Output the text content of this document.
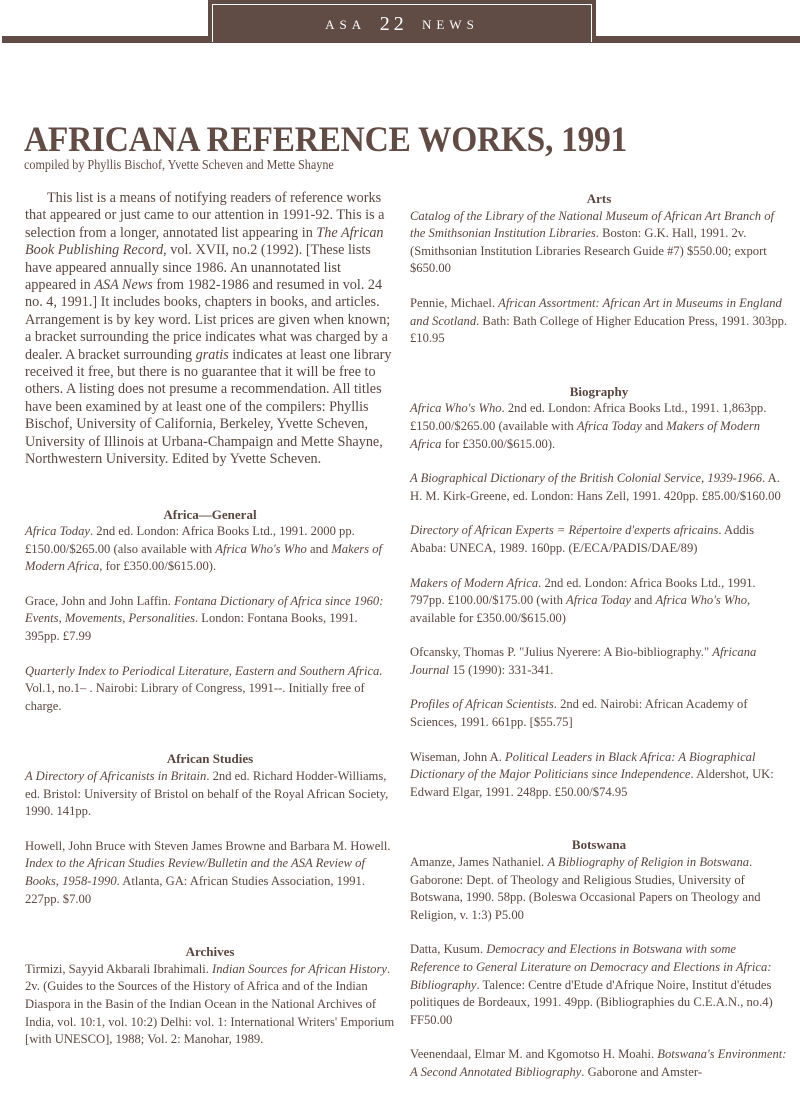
ASA 22 NEWS
AFRICANA REFERENCE WORKS, 1991
compiled by Phyllis Bischof, Yvette Scheven and Mette Shayne

This list is a means of notifying readers of reference works that appeared or just came to our attention in 1991-92. This is a selection from a longer, annotated list appearing in The African Book Publishing Record, vol. XVII, no.2 (1992). [These lists have appeared annually since 1986. An unannotated list appeared in ASA News from 1982-1986 and resumed in vol. 24 no. 4, 1991.] It includes books, chapters in books, and articles. Arrangement is by key word. List prices are given when known; a bracket surrounding the price indicates what was charged by a dealer. A bracket surrounding gratis indicates at least one library received it free, but there is no guarantee that it will be free to others. A listing does not presume a recommendation. All titles have been examined by at least one of the compilers: Phyllis Bischof, University of California, Berkeley, Yvette Scheven, University of Illinois at Urbana-Champaign and Mette Shayne, Northwestern University. Edited by Yvette Scheven.

Africa—General

Africa Today. 2nd ed. London: Africa Books Ltd., 1991. 2000 pp. £150.00/$265.00 (also available with Africa Who's Who and Makers of Modern Africa, for £350.00/$615.00).

Grace, John and John Laffin. Fontana Dictionary of Africa since 1960: Events, Movements, Personalities. London: Fontana Books, 1991. 395pp. £7.99

Quarterly Index to Periodical Literature, Eastern and Southern Africa. Vol.1, no.1– . Nairobi: Library of Congress, 1991--. Initially free of charge.

African Studies

A Directory of Africanists in Britain. 2nd ed. Richard Hodder-Williams, ed. Bristol: University of Bristol on behalf of the Royal African Society, 1990. 141pp.

Howell, John Bruce with Steven James Browne and Barbara M. Howell. Index to the African Studies Review/Bulletin and the ASA Review of Books, 1958-1990. Atlanta, GA: African Studies Association, 1991. 227pp. $7.00

Archives

Tirmizi, Sayyid Akbarali Ibrahimali. Indian Sources for African History. 2v. (Guides to the Sources of the History of Africa and of the Indian Diaspora in the Basin of the Indian Ocean in the National Archives of India, vol. 10:1, vol. 10:2) Delhi: vol. 1: International Writers' Emporium [with UNESCO], 1988; Vol. 2: Manohar, 1989.

Arts

Catalog of the Library of the National Museum of African Art Branch of the Smithsonian Institution Libraries. Boston: G.K. Hall, 1991. 2v. (Smithsonian Institution Libraries Research Guide #7) $550.00; export $650.00

Pennie, Michael. African Assortment: African Art in Museums in England and Scotland. Bath: Bath College of Higher Education Press, 1991. 303pp. £10.95

Biography

Africa Who's Who. 2nd ed. London: Africa Books Ltd., 1991. 1,863pp. £150.00/$265.00 (available with Africa Today and Makers of Modern Africa for £350.00/$615.00).

A Biographical Dictionary of the British Colonial Service, 1939-1966. A. H. M. Kirk-Greene, ed. London: Hans Zell, 1991. 420pp. £85.00/$160.00

Directory of African Experts = Répertoire d'experts africains. Addis Ababa: UNECA, 1989. 160pp. (E/ECA/PADIS/DAE/89)

Makers of Modern Africa. 2nd ed. London: Africa Books Ltd., 1991. 797pp. £100.00/$175.00 (with Africa Today and Africa Who's Who, available for £350.00/$615.00)

Ofcansky, Thomas P. "Julius Nyerere: A Bio-bibliography." Africana Journal 15 (1990): 331-341.

Profiles of African Scientists. 2nd ed. Nairobi: African Academy of Sciences, 1991. 661pp. [$55.75]

Wiseman, John A. Political Leaders in Black Africa: A Biographical Dictionary of the Major Politicians since Independence. Aldershot, UK: Edward Elgar, 1991. 248pp. £50.00/$74.95

Botswana

Amanze, James Nathaniel. A Bibliography of Religion in Botswana. Gaborone: Dept. of Theology and Religious Studies, University of Botswana, 1990. 58pp. (Boleswa Occasional Papers on Theology and Religion, v. 1:3) P5.00

Datta, Kusum. Democracy and Elections in Botswana with some Reference to General Literature on Democracy and Elections in Africa: Bibliography. Talence: Centre d'Etude d'Afrique Noire, Institut d'études politiques de Bordeaux, 1991. 49pp. (Bibliographies du C.E.A.N., no.4) FF50.00

Veenendaal, Elmar M. and Kgomotso H. Moahi. Botswana's Environment: A Second Annotated Bibliography. Gaborone and Amster-
